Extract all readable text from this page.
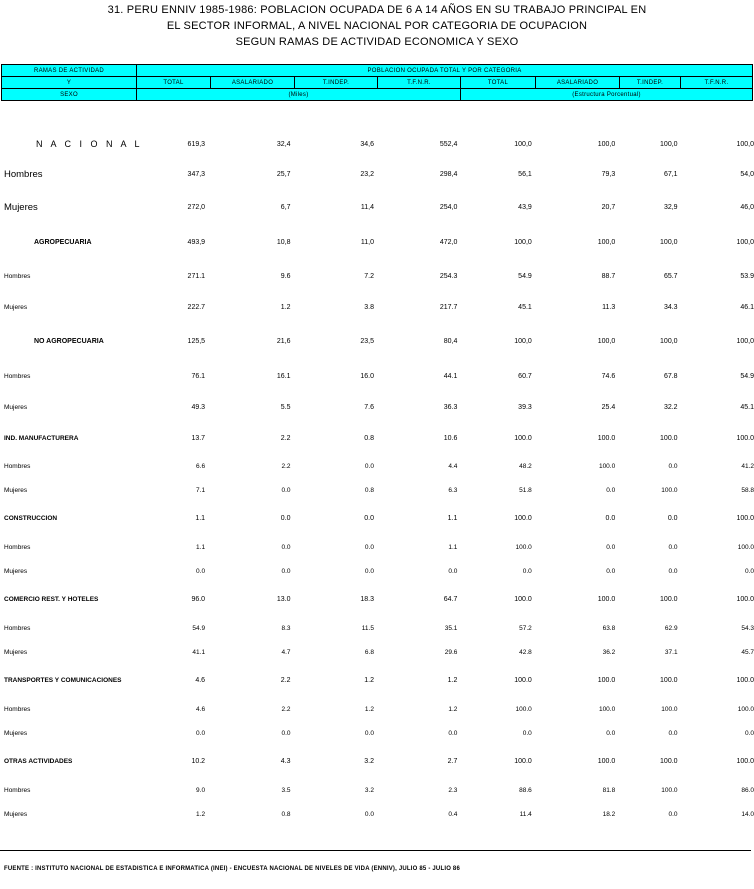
31. PERU ENNIV 1985-1986: POBLACION OCUPADA DE 6 A 14 AÑOS EN SU TRABAJO PRINCIPAL EN
EL SECTOR INFORMAL, A NIVEL NACIONAL POR CATEGORIA DE OCUPACION
SEGUN RAMAS DE ACTIVIDAD ECONOMICA Y SEXO
RAMAS DE ACTIVIDAD	POBLACION OCUPADA TOTAL Y POR CATEGORIA							
Y	TOTAL	ASALARIADO	T.INDEP.	T.F.N.R.	TOTAL	ASALARIADO	T.INDEP.	T.F.N.R.
SEXO	(Miles)				(Estructura Porcentual)			
N A C I O N A L	619,3	32,4	34,6	552,4	100,0	100,0	100,0	100,0
Hombres	347,3	25,7	23,2	298,4	56,1	79,3	67,1	54,0
Mujeres	272,0	6,7	11,4	254,0	43,9	20,7	32,9	46,0
AGROPECUARIA	493,9	10,8	11,0	472,0	100,0	100,0	100,0	100,0
Hombres	271.1	9.6	7.2	254.3	54.9	88.7	65.7	53.9
Mujeres	222.7	1.2	3.8	217.7	45.1	11.3	34.3	46.1
NO AGROPECUARIA	125,5	21,6	23,5	80,4	100,0	100,0	100,0	100,0
Hombres	76.1	16.1	16.0	44.1	60.7	74.6	67.8	54.9
Mujeres	49.3	5.5	7.6	36.3	39.3	25.4	32.2	45.1
IND. MANUFACTURERA	13.7	2.2	0.8	10.6	100.0	100.0	100.0	100.0
Hombres	6.6	2.2	0.0	4.4	48.2	100.0	0.0	41.2
Mujeres	7.1	0.0	0.8	6.3	51.8	0.0	100.0	58.8
CONSTRUCCION	1.1	0.0	0.0	1.1	100.0	0.0	0.0	100.0
Hombres	1.1	0.0	0.0	1.1	100.0	0.0	0.0	100.0
Mujeres	0.0	0.0	0.0	0.0	0.0	0.0	0.0	0.0
COMERCIO REST. Y HOTELES	96.0	13.0	18.3	64.7	100.0	100.0	100.0	100.0
Hombres	54.9	8.3	11.5	35.1	57.2	63.8	62.9	54.3
Mujeres	41.1	4.7	6.8	29.6	42.8	36.2	37.1	45.7
TRANSPORTES Y COMUNICACIONES	4.6	2.2	1.2	1.2	100.0	100.0	100.0	100.0
Hombres	4.6	2.2	1.2	1.2	100.0	100.0	100.0	100.0
Mujeres	0.0	0.0	0.0	0.0	0.0	0.0	0.0	0.0
OTRAS ACTIVIDADES	10.2	4.3	3.2	2.7	100.0	100.0	100.0	100.0
Hombres	9.0	3.5	3.2	2.3	88.6	81.8	100.0	86.0
Mujeres	1.2	0.8	0.0	0.4	11.4	18.2	0.0	14.0
FUENTE : INSTITUTO NACIONAL DE ESTADISTICA E INFORMATICA (INEI) - ENCUESTA NACIONAL DE NIVELES DE VIDA (ENNIV), JULIO 85 - JULIO 86
